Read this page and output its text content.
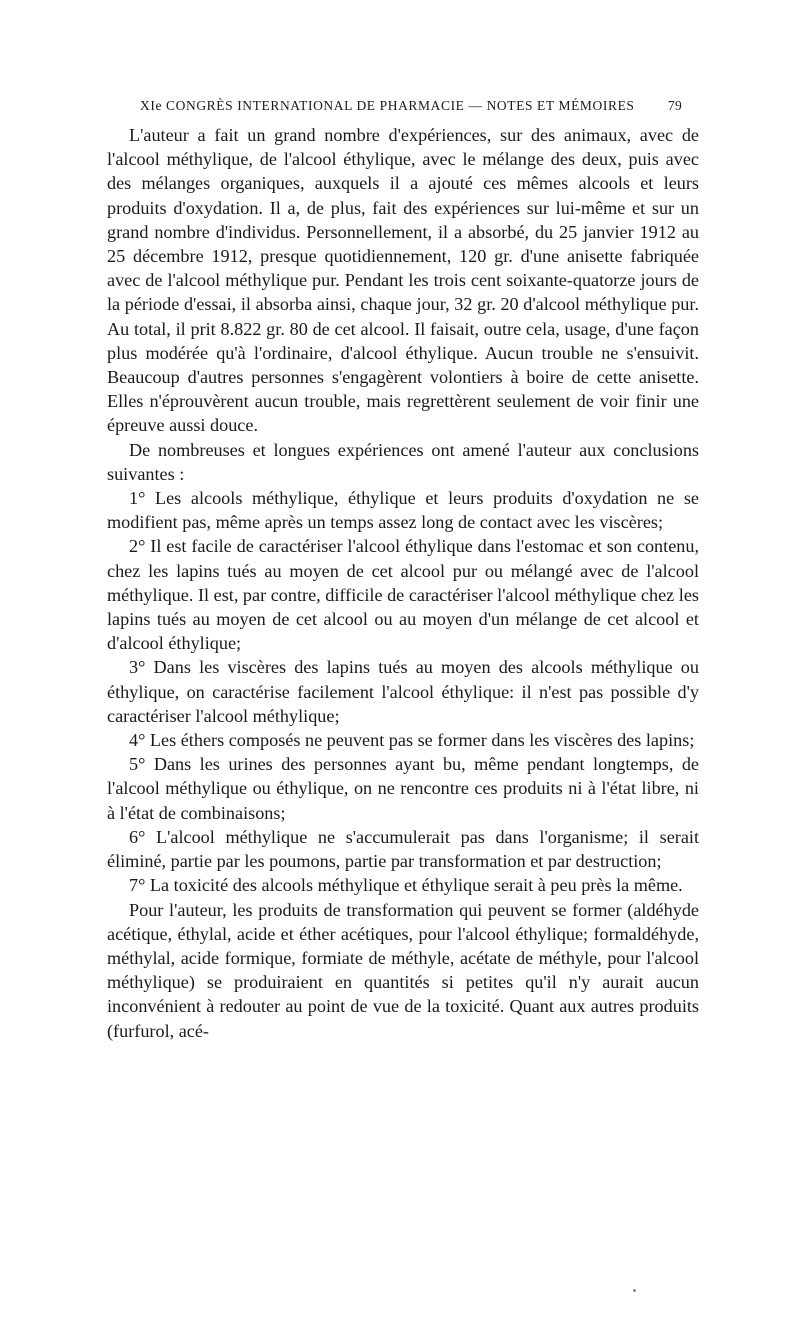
XIe CONGRÈS INTERNATIONAL DE PHARMACIE — NOTES ET MÉMOIRES 79

L'auteur a fait un grand nombre d'expériences, sur des animaux, avec de l'alcool méthylique, de l'alcool éthylique, avec le mélange des deux, puis avec des mélanges organiques, auxquels il a ajouté ces mêmes alcools et leurs produits d'oxydation. Il a, de plus, fait des expériences sur lui-même et sur un grand nombre d'individus. Personnellement, il a absorbé, du 25 janvier 1912 au 25 décembre 1912, presque quotidiennement, 120 gr. d'une anisette fabriquée avec de l'alcool méthylique pur. Pendant les trois cent soixante-quatorze jours de la période d'essai, il absorba ainsi, chaque jour, 32 gr. 20 d'alcool méthylique pur. Au total, il prit 8.822 gr. 80 de cet alcool. Il faisait, outre cela, usage, d'une façon plus modérée qu'à l'ordinaire, d'alcool éthylique. Aucun trouble ne s'ensuivit. Beaucoup d'autres personnes s'engagèrent volontiers à boire de cette anisette. Elles n'éprouvèrent aucun trouble, mais regrettèrent seulement de voir finir une épreuve aussi douce.

De nombreuses et longues expériences ont amené l'auteur aux conclusions suivantes :

1° Les alcools méthylique, éthylique et leurs produits d'oxydation ne se modifient pas, même après un temps assez long de contact avec les viscères;

2° Il est facile de caractériser l'alcool éthylique dans l'estomac et son contenu, chez les lapins tués au moyen de cet alcool pur ou mélangé avec de l'alcool méthylique. Il est, par contre, difficile de caractériser l'alcool méthylique chez les lapins tués au moyen de cet alcool ou au moyen d'un mélange de cet alcool et d'alcool éthylique;

3° Dans les viscères des lapins tués au moyen des alcools méthylique ou éthylique, on caractérise facilement l'alcool éthylique: il n'est pas possible d'y caractériser l'alcool méthylique;

4° Les éthers composés ne peuvent pas se former dans les viscères des lapins;

5° Dans les urines des personnes ayant bu, même pendant longtemps, de l'alcool méthylique ou éthylique, on ne rencontre ces produits ni à l'état libre, ni à l'état de combinaisons;

6° L'alcool méthylique ne s'accumulerait pas dans l'organisme; il serait éliminé, partie par les poumons, partie par transformation et par destruction;

7° La toxicité des alcools méthylique et éthylique serait à peu près la même.

Pour l'auteur, les produits de transformation qui peuvent se former (aldéhyde acétique, éthylal, acide et éther acétiques, pour l'alcool éthylique; formaldéhyde, méthylal, acide formique, formiate de méthyle, acétate de méthyle, pour l'alcool méthylique) se produiraient en quantités si petites qu'il n'y aurait aucun inconvénient à redouter au point de vue de la toxicité. Quant aux autres produits (furfurol, acé-
